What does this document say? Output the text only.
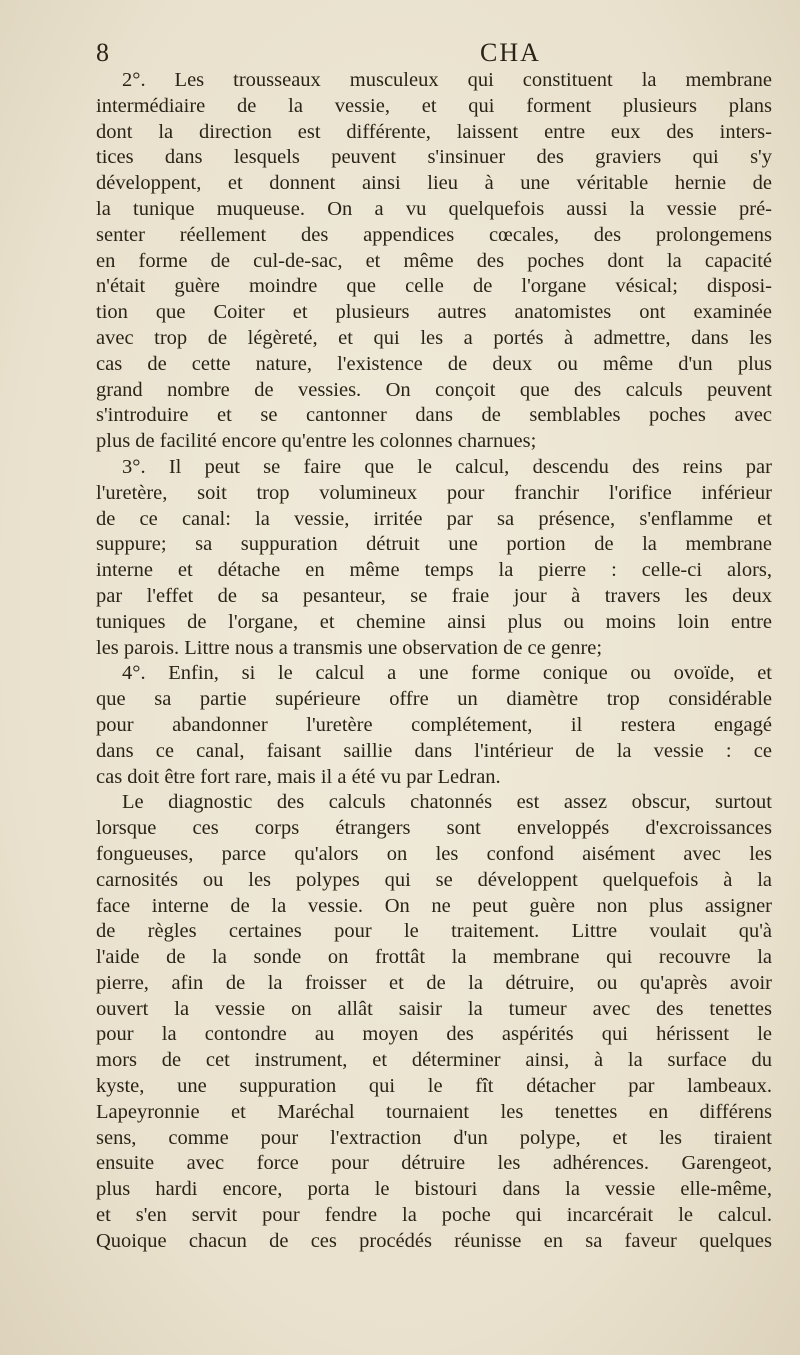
8	CHA
2°. Les trousseaux musculeux qui constituent la membrane
intermédiaire de la vessie, et qui forment plusieurs plans
dont la direction est différente, laissent entre eux des inters-
tices dans lesquels peuvent s'insinuer des graviers qui s'y
développent, et donnent ainsi lieu à une véritable hernie de
la tunique muqueuse. On a vu quelquefois aussi la vessie pré-
senter réellement des appendices cœcales, des prolongemens
en forme de cul-de-sac, et même des poches dont la capacité
n'était guère moindre que celle de l'organe vésical; disposi-
tion que Coiter et plusieurs autres anatomistes ont examinée
avec trop de légèreté, et qui les a portés à admettre, dans les
cas de cette nature, l'existence de deux ou même d'un plus
grand nombre de vessies. On conçoit que des calculs peuvent
s'introduire et se cantonner dans de semblables poches avec
plus de facilité encore qu'entre les colonnes charnues;
3°. Il peut se faire que le calcul, descendu des reins par
l'uretère, soit trop volumineux pour franchir l'orifice inférieur
de ce canal: la vessie, irritée par sa présence, s'enflamme et
suppure; sa suppuration détruit une portion de la membrane
interne et détache en même temps la pierre : celle-ci alors,
par l'effet de sa pesanteur, se fraie jour à travers les deux
tuniques de l'organe, et chemine ainsi plus ou moins loin entre
les parois. Littre nous a transmis une observation de ce genre;
4°. Enfin, si le calcul a une forme conique ou ovoïde, et
que sa partie supérieure offre un diamètre trop considérable
pour abandonner l'uretère complétement, il restera engagé
dans ce canal, faisant saillie dans l'intérieur de la vessie : ce
cas doit être fort rare, mais il a été vu par Ledran.
Le diagnostic des calculs chatonnés est assez obscur, surtout
lorsque ces corps étrangers sont enveloppés d'excroissances
fongueuses, parce qu'alors on les confond aisément avec les
carnosités ou les polypes qui se développent quelquefois à la
face interne de la vessie. On ne peut guère non plus assigner
de règles certaines pour le traitement. Littre voulait qu'à
l'aide de la sonde on frottât la membrane qui recouvre la
pierre, afin de la froisser et de la détruire, ou qu'après avoir
ouvert la vessie on allât saisir la tumeur avec des tenettes
pour la contondre au moyen des aspérités qui hérissent le
mors de cet instrument, et déterminer ainsi, à la surface du
kyste, une suppuration qui le fît détacher par lambeaux.
Lapeyronnie et Maréchal tournaient les tenettes en différens
sens, comme pour l'extraction d'un polype, et les tiraient
ensuite avec force pour détruire les adhérences. Garengeot,
plus hardi encore, porta le bistouri dans la vessie elle-même,
et s'en servit pour fendre la poche qui incarcérait le calcul.
Quoique chacun de ces procédés réunisse en sa faveur quelques
